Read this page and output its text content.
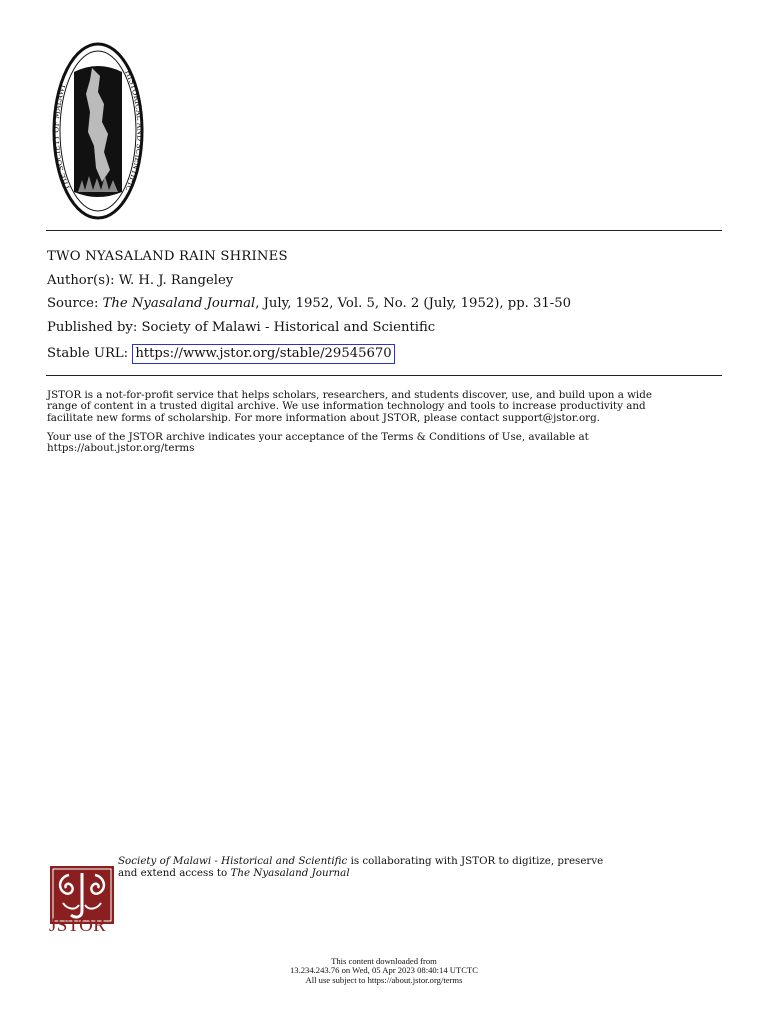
THE SOCIETY OF MALAWI
HISTORICAL AND SCIENTIFIC
TWO NYASALAND RAIN SHRINES
Author(s): W. H. J. Rangeley
Source: The Nyasaland Journal, July, 1952, Vol. 5, No. 2 (July, 1952), pp. 31-50
Published by: Society of Malawi - Historical and Scientific
Stable URL: https://www.jstor.org/stable/29545670
JSTOR is a not-for-profit service that helps scholars, researchers, and students discover, use, and build upon a wide
range of content in a trusted digital archive. We use information technology and tools to increase productivity and
facilitate new forms of scholarship. For more information about JSTOR, please contact support@jstor.org.
Your use of the JSTOR archive indicates your acceptance of the Terms & Conditions of Use, available at
https://about.jstor.org/terms
JSTOR
Society of Malawi - Historical and Scientific is collaborating with JSTOR to digitize, preserve
and extend access to The Nyasaland Journal
This content downloaded from
13.234.243.76 on Wed, 05 Apr 2023 08:40:14 UTCTC
All use subject to https://about.jstor.org/terms
